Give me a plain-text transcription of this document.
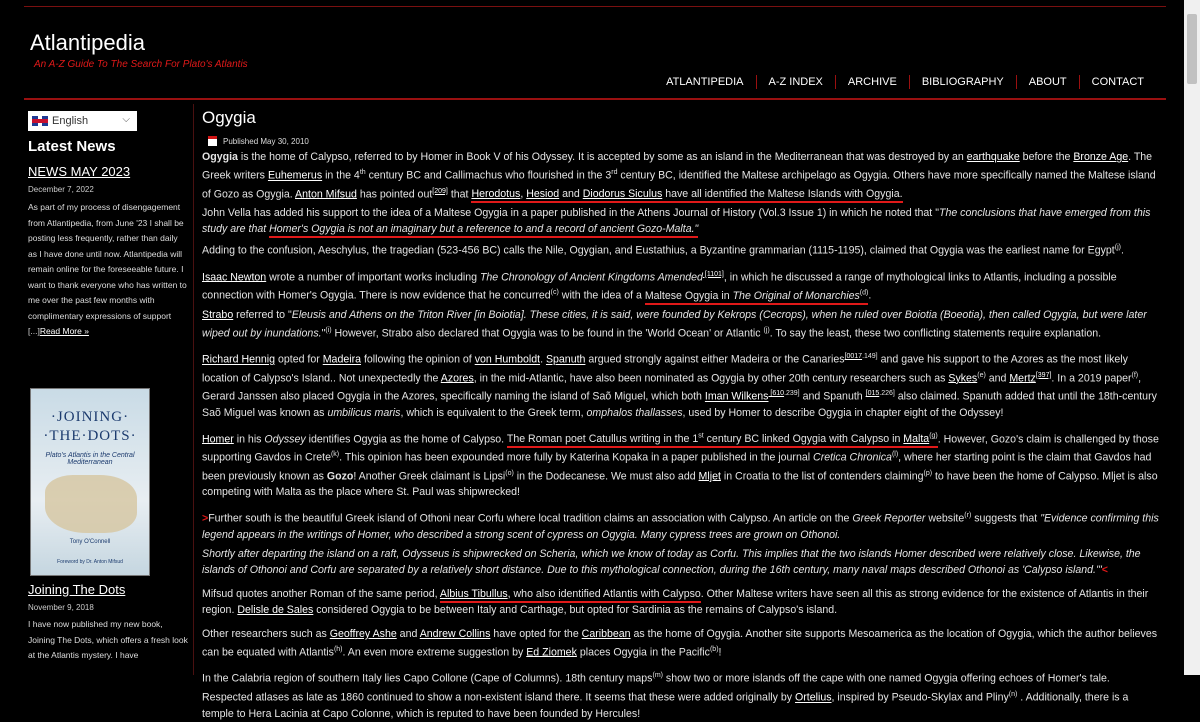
Atlantipedia
An A-Z Guide To The Search For Plato's Atlantis
ATLANTIPEDIA	A-Z INDEX	ARCHIVE	BIBLIOGRAPHY	ABOUT	CONTACT
English	⌵
Latest News
NEWS MAY 2023
December 7, 2022
As part of my process of disengagement from Atlantipedia, from June '23 I shall be posting less frequently, rather than daily as I have done until now. Atlantipedia will remain online for the foreseeable future. I want to thank everyone who has written to me over the past few months with complimentary expressions of support [...]Read More »
·JOINING·
·THE·DOTS·
Plato's Atlantis in the Central Mediterranean
Tony O'Connell
Foreword by Dr. Anton Mifsud
Joining The Dots
November 9, 2018
I have now published my new book, Joining The Dots, which offers a fresh look at the Atlantis mystery. I have
Ogygia
Published May 30, 2010

Ogygia is the home of Calypso, referred to by Homer in Book V of his Odyssey. It is accepted by some as an island in the Mediterranean that was destroyed by an earthquake before the Bronze Age. The Greek writers Euhemerus in the 4th century BC and Callimachus who flourished in the 3rd century BC, identified the Maltese archipelago as Ogygia. Others have more specifically named the Maltese island of Gozo as Ogygia. Anton Mifsud has pointed out[209] that Herodotus, Hesiod and Diodorus Siculus have all identified the Maltese Islands with Ogygia.

John Vella has added his support to the idea of a Maltese Ogygia in a paper published in the Athens Journal of History (Vol.3 Issue 1) in which he noted that "The conclusions that have emerged from this study are that Homer's Ogygia is not an imaginary but a reference to and a record of ancient Gozo-Malta."

Adding to the confusion, Aeschylus, the tragedian (523-456 BC) calls the Nile, Ogygian, and Eustathius, a Byzantine grammarian (1115-1195), claimed that Ogygia was the earliest name for Egypt$^{(j)}$.

Isaac Newton wrote a number of important works including The Chronology of Ancient Kingdoms Amended [1101], in which he discussed a range of mythological links to Atlantis, including a possible connection with Homer's Ogygia. There is now evidence that he concurred$^{(c)}$ with the idea of a Maltese Ogygia in The Original of Monarchies$^{(d)}$.

Strabo referred to "Eleusis and Athens on the Triton River [in Boiotia]. These cities, it is said, were founded by Kekrops (Cecrops), when he ruled over Boiotia (Boeotia), then called Ogygia, but were later wiped out by inundations."$^{(i)}$ However, Strabo also declared that Ogygia was to be found in the 'World Ocean' or Atlantic $^{(j)}$. To say the least, these two conflicting statements require explanation.

Richard Hennig opted for Madeira following the opinion of von Humboldt. Spanuth argued strongly against either Madeira or the Canaries[0017.149] and gave his support to the Azores as the most likely location of Calypso's Island.. Not unexpectedly the Azores, in the mid-Atlantic, have also been nominated as Ogygia by other 20th century researchers such as Sykes$^{(e)}$ and Mertz[397]. In a 2019 paper$^{(f)}$, Gerard Janssen also placed Ogygia in the Azores, specifically naming the island of Saõ Miguel, which both Iman Wilkens [610.239] and Spanuth [015.226] also claimed. Spanuth added that until the 18th-century Saõ Miguel was known as umbilicus maris, which is equivalent to the Greek term, omphalos thallasses, used by Homer to describe Ogygia in chapter eight of the Odyssey!

Homer in his Odyssey identifies Ogygia as the home of Calypso. The Roman poet Catullus writing in the 1st century BC linked Ogygia with Calypso in Malta$^{(g)}$. However, Gozo's claim is challenged by those supporting Gavdos in Crete$^{(k)}$. This opinion has been expounded more fully by Katerina Kopaka in a paper published in the journal Cretica Chronica$^{(l)}$, where her starting point is the claim that Gavdos had been previously known as Gozo! Another Greek claimant is Lipsi$^{(o)}$ in the Dodecanese. We must also add Mljet in Croatia to the list of contenders claiming$^{(p)}$ to have been the home of Calypso. Mljet is also competing with Malta as the place where St. Paul was shipwrecked!

>Further south is the beautiful Greek island of Othoni near Corfu where local tradition claims an association with Calypso. An article on the Greek Reporter website$^{(r)}$ suggests that "Evidence confirming this legend appears in the writings of Homer, who described a strong scent of cypress on Ogygia. Many cypress trees are grown on Othonoi.

Shortly after departing the island on a raft, Odysseus is shipwrecked on Scheria, which we know of today as Corfu. This implies that the two islands Homer described were relatively close. Likewise, the islands of Othonoi and Corfu are separated by a relatively short distance. Due to this mythological connection, during the 16th century, many naval maps described Othonoi as 'Calypso island.'"<

Mifsud quotes another Roman of the same period, Albius Tibullus, who also identified Atlantis with Calypso. Other Maltese writers have seen all this as strong evidence for the existence of Atlantis in their region. Delisle de Sales considered Ogygia to be between Italy and Carthage, but opted for Sardinia as the remains of Calypso's island.

Other researchers such as Geoffrey Ashe and Andrew Collins have opted for the Caribbean as the home of Ogygia. Another site supports Mesoamerica as the location of Ogygia, which the author believes can be equated with Atlantis$^{(h)}$. An even more extreme suggestion by Ed Ziomek places Ogygia in the Pacific$^{(b)}$!

In the Calabria region of southern Italy lies Capo Collone (Cape of Columns). 18th century maps$^{(m)}$ show two or more islands off the cape with one named Ogygia offering echoes of Homer's tale. Respected atlases as late as 1860 continued to show a non-existent island there. It seems that these were added originally by Ortelius, inspired by Pseudo-Skylax and Pliny$^{(n)}$ . Additionally, there is a temple to Hera Lacinia at Capo Colonne, which is reputed to have been founded by Hercules!
